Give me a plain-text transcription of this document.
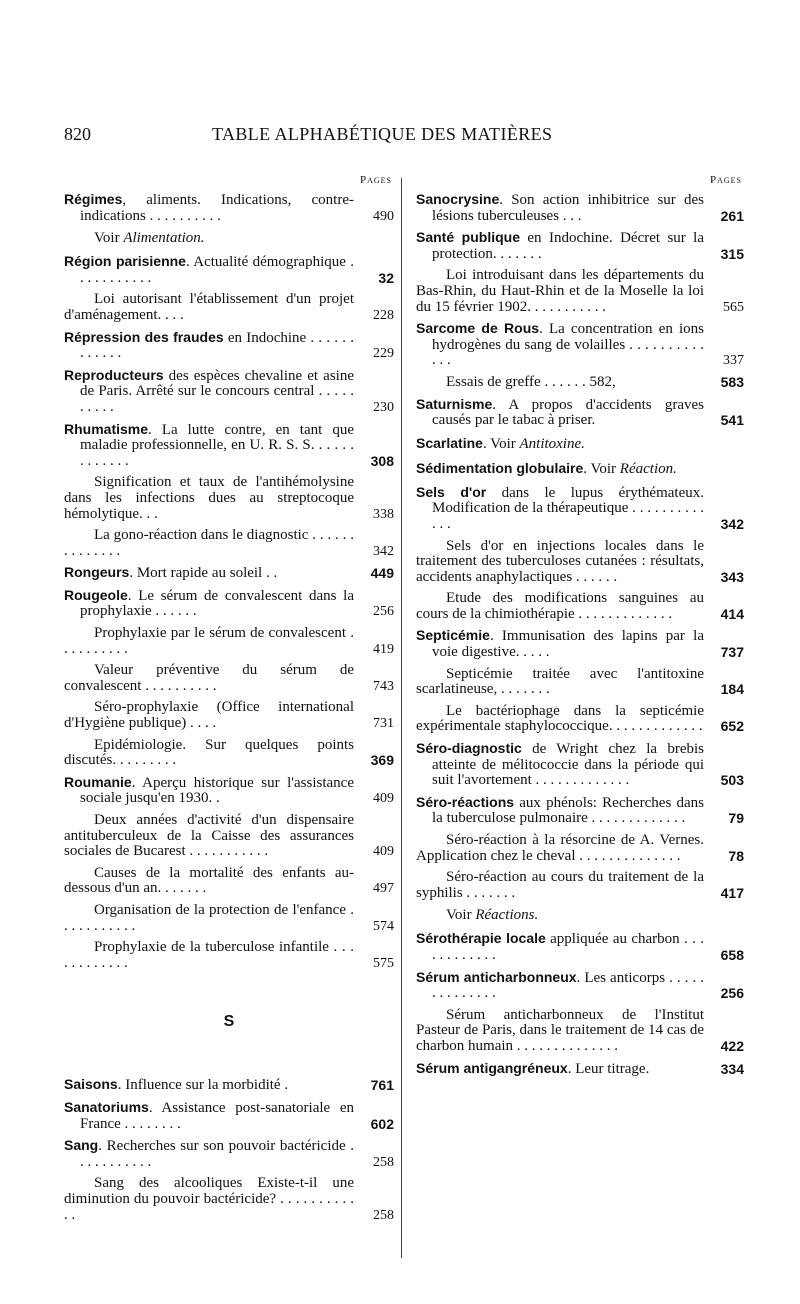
820	TABLE ALPHABÉTIQUE DES MATIÈRES
Pages
Régimes, aliments. Indications, contre-indications . . . . . . . . . .	490
Voir Alimentation.
Région parisienne. Actualité démographique . . . . . . . . . . .	32
Loi autorisant l'établissement d'un projet d'aménagement. . . .	228
Répression des fraudes en Indochine . . . . . . . . . . . .	229
Reproducteurs des espèces chevaline et asine de Paris. Arrêté sur le concours central . . . . . . . . . .	230
Rhumatisme. La lutte contre, en tant que maladie professionnelle, en U. R. S. S. . . . . . . . . . . . .	308
Signification et taux de l'antihémolysine dans les infections dues au streptocoque hémolytique. . .	338
La gono-réaction dans le diagnostic . . . . . . . . . . . . . .	342
Rongeurs. Mort rapide au soleil . .	449
Rougeole. Le sérum de convalescent dans la prophylaxie . . . . . .	256
Prophylaxie par le sérum de convalescent . . . . . . . . . .	419
Valeur préventive du sérum de convalescent . . . . . . . . . .	743
Séro-prophylaxie (Office international d'Hygiène publique) . . . .	731
Epidémiologie. Sur quelques points discutés. . . . . . . . .	369
Roumanie. Aperçu historique sur l'assistance sociale jusqu'en 1930. .	409
Deux années d'activité d'un dispensaire antituberculeux de la Caisse des assurances sociales de Bucarest . . . . . . . . . . .	409
Causes de la mortalité des enfants au-dessous d'un an. . . . . . .	497
Organisation de la protection de l'enfance . . . . . . . . . . .	574
Prophylaxie de la tuberculose infantile . . . . . . . . . . . .	575
S
Saisons. Influence sur la morbidité .	761
Sanatoriums. Assistance post-sanatoriale en France . . . . . . . .	602
Sang. Recherches sur son pouvoir bactéricide . . . . . . . . . . .	258
Sang des alcooliques Existe-t-il une diminution du pouvoir bactéricide? . . . . . . . . . . . .	258
Pages
Sanocrysine. Son action inhibitrice sur des lésions tuberculeuses . . .	261
Santé publique en Indochine. Décret sur la protection. . . . . . .	315
Loi introduisant dans les départements du Bas-Rhin, du Haut-Rhin et de la Moselle la loi du 15 février 1902. . . . . . . . . . .	565
Sarcome de Rous. La concentration en ions hydrogènes du sang de volailles . . . . . . . . . . . . .	337
Essais de greffe . . . . . . 582,	583
Saturnisme. A propos d'accidents graves causés par le tabac à priser.	541
Scarlatine. Voir Antitoxine.
Sédimentation globulaire. Voir Réaction.
Sels d'or dans le lupus érythémateux. Modification de la thérapeutique . . . . . . . . . . . . .	342
Sels d'or en injections locales dans le traitement des tuberculoses cutanées : résultats, accidents anaphylactiques . . . . . .	343
Etude des modifications sanguines au cours de la chimiothérapie . . . . . . . . . . . . .	414
Septicémie. Immunisation des lapins par la voie digestive. . . . .	737
Septicémie traitée avec l'antitoxine scarlatineuse, . . . . . . .	184
Le bactériophage dans la septicémie expérimentale staphylococcique. . . . . . . . . . . . .	652
Séro-diagnostic de Wright chez la brebis atteinte de mélitococcie dans la période qui suit l'avortement . . . . . . . . . . . . .	503
Séro-réactions aux phénols: Recherches dans la tuberculose pulmonaire . . . . . . . . . . . . .	79
Séro-réaction à la résorcine de A. Vernes. Application chez le cheval . . . . . . . . . . . . . .	78
Séro-réaction au cours du traitement de la syphilis . . . . . . .	417
Voir Réactions.
Sérothérapie locale appliquée au charbon . . . . . . . . . . . .	658
Sérum anticharbonneux. Les anticorps . . . . . . . . . . . . . .	256
Sérum anticharbonneux de l'Institut Pasteur de Paris, dans le traitement de 14 cas de charbon humain . . . . . . . . . . . . . .	422
Sérum antigangréneux. Leur titrage.	334
